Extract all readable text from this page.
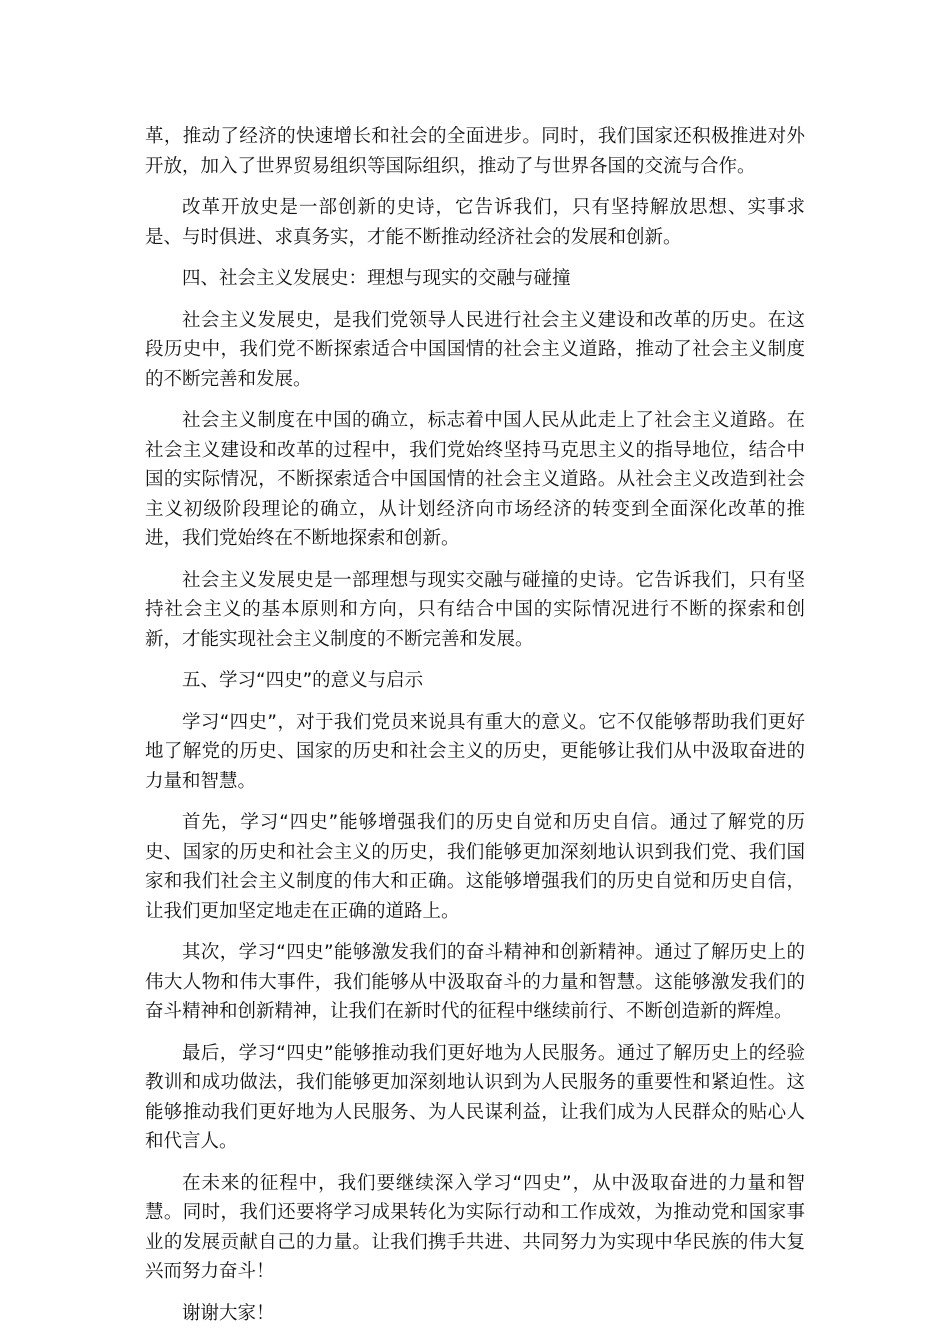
革，推动了经济的快速增长和社会的全面进步。同时，我们国家还积极推进对外开放，加入了世界贸易组织等国际组织，推动了与世界各国的交流与合作。

改革开放史是一部创新的史诗，它告诉我们，只有坚持解放思想、实事求是、与时俱进、求真务实，才能不断推动经济社会的发展和创新。

四、社会主义发展史：理想与现实的交融与碰撞

社会主义发展史，是我们党领导人民进行社会主义建设和改革的历史。在这段历史中，我们党不断探索适合中国国情的社会主义道路，推动了社会主义制度的不断完善和发展。

社会主义制度在中国的确立，标志着中国人民从此走上了社会主义道路。在社会主义建设和改革的过程中，我们党始终坚持马克思主义的指导地位，结合中国的实际情况，不断探索适合中国国情的社会主义道路。从社会主义改造到社会主义初级阶段理论的确立，从计划经济向市场经济的转变到全面深化改革的推进，我们党始终在不断地探索和创新。

社会主义发展史是一部理想与现实交融与碰撞的史诗。它告诉我们，只有坚持社会主义的基本原则和方向，只有结合中国的实际情况进行不断的探索和创新，才能实现社会主义制度的不断完善和发展。

五、学习“四史”的意义与启示

学习“四史”，对于我们党员来说具有重大的意义。它不仅能够帮助我们更好地了解党的历史、国家的历史和社会主义的历史，更能够让我们从中汲取奋进的力量和智慧。

首先，学习“四史”能够增强我们的历史自觉和历史自信。通过了解党的历史、国家的历史和社会主义的历史，我们能够更加深刻地认识到我们党、我们国家和我们社会主义制度的伟大和正确。这能够增强我们的历史自觉和历史自信，让我们更加坚定地走在正确的道路上。

其次，学习“四史”能够激发我们的奋斗精神和创新精神。通过了解历史上的伟大人物和伟大事件，我们能够从中汲取奋斗的力量和智慧。这能够激发我们的奋斗精神和创新精神，让我们在新时代的征程中继续前行、不断创造新的辉煌。

最后，学习“四史”能够推动我们更好地为人民服务。通过了解历史上的经验教训和成功做法，我们能够更加深刻地认识到为人民服务的重要性和紧迫性。这能够推动我们更好地为人民服务、为人民谋利益，让我们成为人民群众的贴心人和代言人。

在未来的征程中，我们要继续深入学习“四史”，从中汲取奋进的力量和智慧。同时，我们还要将学习成果转化为实际行动和工作成效，为推动党和国家事业的发展贡献自己的力量。让我们携手共进、共同努力为实现中华民族的伟大复兴而努力奋斗！

谢谢大家！
